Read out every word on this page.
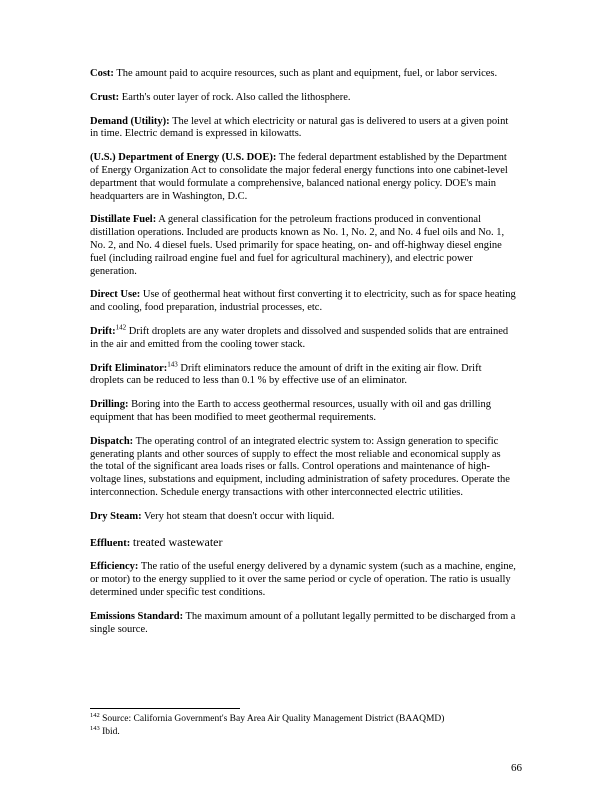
Cost: The amount paid to acquire resources, such as plant and equipment, fuel, or labor services.

Crust: Earth's outer layer of rock. Also called the lithosphere.

Demand (Utility): The level at which electricity or natural gas is delivered to users at a given point in time. Electric demand is expressed in kilowatts.

(U.S.) Department of Energy (U.S. DOE): The federal department established by the Department of Energy Organization Act to consolidate the major federal energy functions into one cabinet-level department that would formulate a comprehensive, balanced national energy policy. DOE's main headquarters are in Washington, D.C.

Distillate Fuel: A general classification for the petroleum fractions produced in conventional distillation operations. Included are products known as No. 1, No. 2, and No. 4 fuel oils and No. 1, No. 2, and No. 4 diesel fuels. Used primarily for space heating, on- and off-highway diesel engine fuel (including railroad engine fuel and fuel for agricultural machinery), and electric power generation.

Direct Use: Use of geothermal heat without first converting it to electricity, such as for space heating and cooling, food preparation, industrial processes, etc.

Drift:$^{142}$ Drift droplets are any water droplets and dissolved and suspended solids that are entrained in the air and emitted from the cooling tower stack.

Drift Eliminator:$^{143}$ Drift eliminators reduce the amount of drift in the exiting air flow. Drift droplets can be reduced to less than 0.1 % by effective use of an eliminator.

Drilling: Boring into the Earth to access geothermal resources, usually with oil and gas drilling equipment that has been modified to meet geothermal requirements.

Dispatch: The operating control of an integrated electric system to: Assign generation to specific generating plants and other sources of supply to effect the most reliable and economical supply as the total of the significant area loads rises or falls. Control operations and maintenance of high-voltage lines, substations and equipment, including administration of safety procedures. Operate the interconnection. Schedule energy transactions with other interconnected electric utilities.

Dry Steam: Very hot steam that doesn't occur with liquid.

Effluent: treated wastewater

Efficiency: The ratio of the useful energy delivered by a dynamic system (such as a machine, engine, or motor) to the energy supplied to it over the same period or cycle of operation. The ratio is usually determined under specific test conditions.

Emissions Standard: The maximum amount of a pollutant legally permitted to be discharged from a single source.

$^{142}$ Source: California Government's Bay Area Air Quality Management District (BAAQMD)

$^{143}$ Ibid.

66
